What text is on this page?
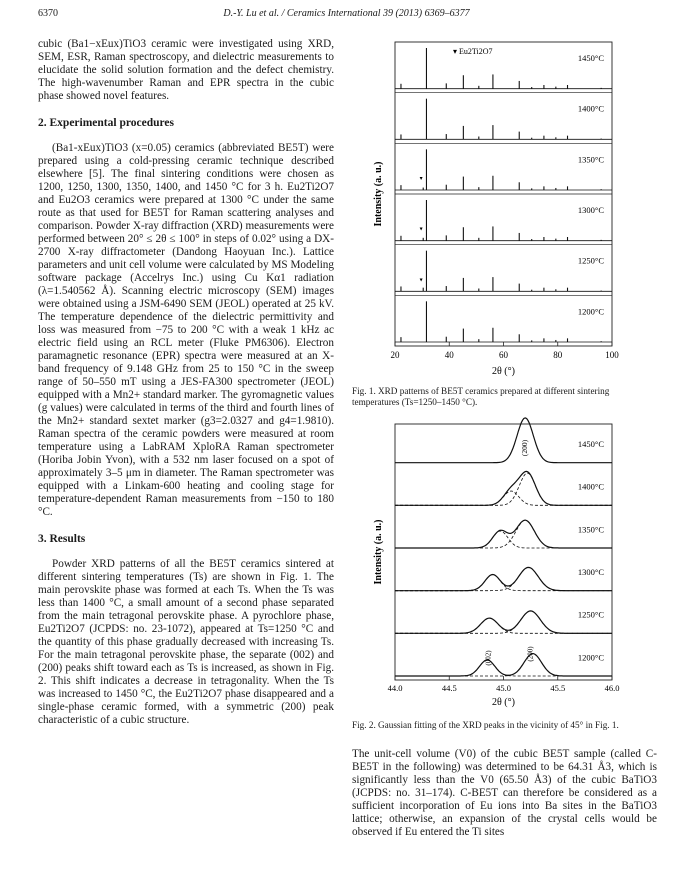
6370	D.-Y. Lu et al. / Ceramics International 39 (2013) 6369–6377

cubic (Ba1−xEux)TiO3 ceramic were investigated using XRD, SEM, ESR, Raman spectroscopy, and dielectric measurements to elucidate the solid solution formation and the defect chemistry. The high-wavenumber Raman and EPR spectra in the cubic phase showed novel features.

2. Experimental procedures

(Ba1-xEux)TiO3 (x=0.05) ceramics (abbreviated BE5T) were prepared using a cold-pressing ceramic technique described elsewhere [5]. The final sintering conditions were chosen as 1200, 1250, 1300, 1350, 1400, and 1450 °C for 3 h. Eu2Ti2O7 and Eu2O3 ceramics were prepared at 1300 °C under the same route as that used for BE5T for Raman scattering analyses and comparison. Powder X-ray diffraction (XRD) measurements were performed between 20° ≤ 2θ ≤ 100° in steps of 0.02° using a DX-2700 X-ray diffractometer (Dandong Haoyuan Inc.). Lattice parameters and unit cell volume were calculated by MS Modeling software package (Accelrys Inc.) using Cu Kα1 radiation (λ=1.540562 Å). Scanning electric microscopy (SEM) images were obtained using a JSM-6490 SEM (JEOL) operated at 25 kV. The temperature dependence of the dielectric permittivity and loss was measured from −75 to 200 °C with a weak 1 kHz ac electric field using an RCL meter (Fluke PM6306). Electron paramagnetic resonance (EPR) spectra were measured at an X-band frequency of 9.148 GHz from 25 to 150 °C in the sweep range of 50–550 mT using a JES-FA300 spectrometer (JEOL) equipped with a Mn2+ standard marker. The gyromagnetic values (g values) were calculated in terms of the third and fourth lines of the Mn2+ standard sextet marker (g3=2.0327 and g4=1.9810). Raman spectra of the ceramic powders were measured at room temperature using a LabRAM XploRA Raman spectrometer (Horiba Jobin Yvon), with a 532 nm laser focused on a spot of approximately 3–5 μm in diameter. The Raman spectrometer was equipped with a Linkam-600 heating and cooling stage for temperature-dependent Raman measurements from −150 to 180 °C.

3. Results

Powder XRD patterns of all the BE5T ceramics sintered at different sintering temperatures (Ts) are shown in Fig. 1. The main perovskite phase was formed at each Ts. When the Ts was less than 1400 °C, a small amount of a second phase separated from the main tetragonal perovskite phase. A pyrochlore phase, Eu2Ti2O7 (JCPDS: no. 23-1072), appeared at Ts=1250 °C and the quantity of this phase gradually decreased with increasing Ts. For the main tetragonal perovskite phase, the separate (002) and (200) peaks shift toward each as Ts is increased, as shown in Fig. 2. This shift indicates a decrease in tetragonality. When the Ts was increased to 1450 °C, the Eu2Ti2O7 phase disappeared and a single-phase ceramic formed, with a symmetric (200) peak characteristic of a cubic structure.

1450°C
1400°C
▾
1350°C
▾
1300°C
▾
1250°C
1200°C
▾ Eu2Ti2O7
20	40	60	80	100
2θ (°)
Intensity (a. u.)
Fig. 1. XRD patterns of BE5T ceramics prepared at different sintering temperatures (Ts=1250–1450 °C).
1450°C
1400°C
1350°C
1300°C
1250°C
1200°C
(200)
(002)	(200)
44.0	44.5	45.0	45.5	46.0
2θ (°)
Intensity (a. u.)
Fig. 2. Gaussian fitting of the XRD peaks in the vicinity of 45° in Fig. 1.

The unit-cell volume (V0) of the cubic BE5T sample (called C-BE5T in the following) was determined to be 64.31 Å3, which is significantly less than the V0 (65.50 Å3) of the cubic BaTiO3 (JCPDS: no. 31–174). C-BE5T can therefore be considered as a sufficient incorporation of Eu ions into Ba sites in the BaTiO3 lattice; otherwise, an expansion of the crystal cells would be observed if Eu entered the Ti sites
